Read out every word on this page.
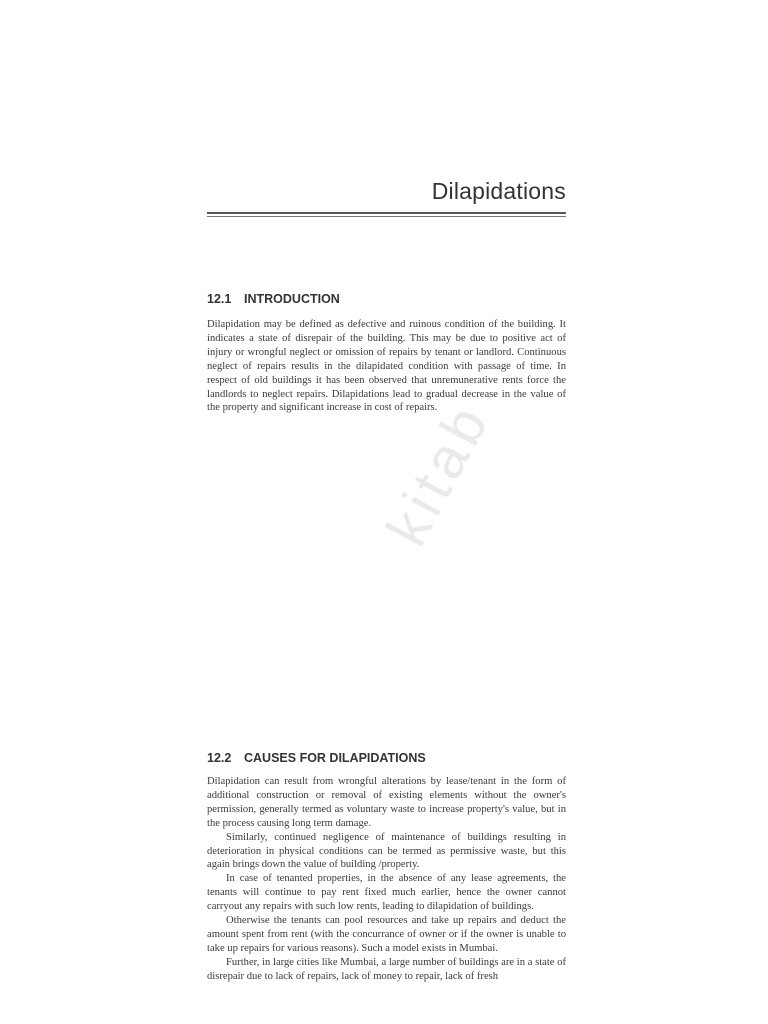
kitab
Dilapidations
12.1 INTRODUCTION

Dilapidation may be defined as defective and ruinous condition of the building. It indicates a state of disrepair of the building. This may be due to positive act of injury or wrongful neglect or omission of repairs by tenant or landlord. Continuous neglect of repairs results in the dilapidated condition with passage of time. In respect of old buildings it has been observed that unremunerative rents force the landlords to neglect repairs. Dilapidations lead to gradual decrease in the value of the property and significant increase in cost of repairs.

12.2 CAUSES FOR DILAPIDATIONS

Dilapidation can result from wrongful alterations by lease/tenant in the form of additional construction or removal of existing elements without the owner's permission, generally termed as voluntary waste to increase property's value, but in the process causing long term damage.

Similarly, continued negligence of maintenance of buildings resulting in deterioration in physical conditions can be termed as permissive waste, but this again brings down the value of building /property.

In case of tenanted properties, in the absence of any lease agreements, the tenants will continue to pay rent fixed much earlier, hence the owner cannot carryout any repairs with such low rents, leading to dilapidation of buildings.

Otherwise the tenants can pool resources and take up repairs and deduct the amount spent from rent (with the concurrance of owner or if the owner is unable to take up repairs for various reasons). Such a model exists in Mumbai.

Further, in large cities like Mumbai, a large number of buildings are in a state of disrepair due to lack of repairs, lack of money to repair, lack of fresh
